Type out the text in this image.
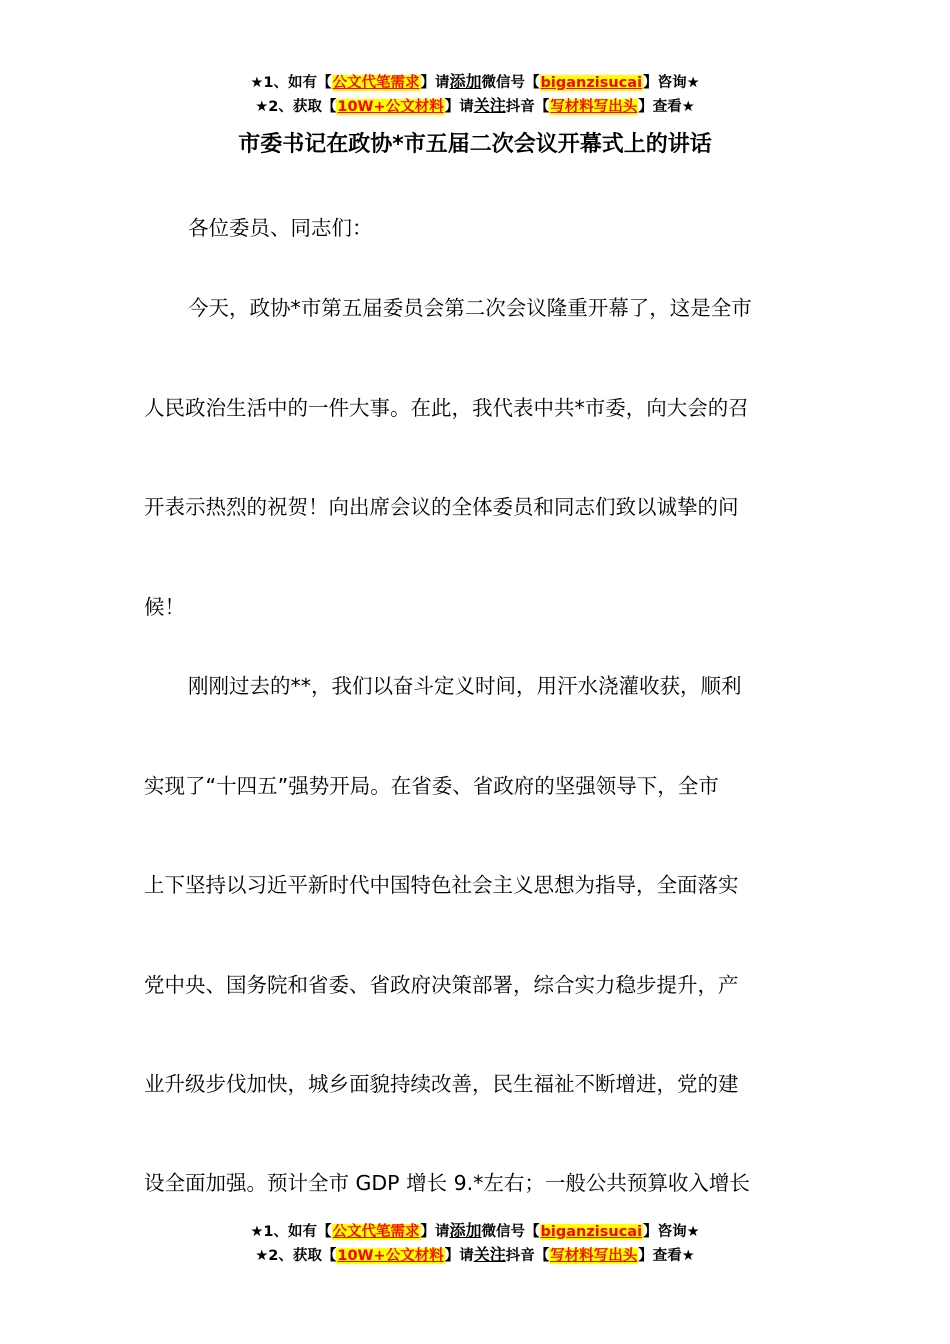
★1、如有【公文代笔需求】请添加微信号【biganzisucai】咨询★
★2、获取【10W+公文材料】请关注抖音【写材料写出头】查看★
市委书记在政协*市五届二次会议开幕式上的讲话
各位委员、同志们：
今天，政协*市第五届委员会第二次会议隆重开幕了，这是全市
人民政治生活中的一件大事。在此，我代表中共*市委，向大会的召
开表示热烈的祝贺！向出席会议的全体委员和同志们致以诚挚的问
候！
刚刚过去的**，我们以奋斗定义时间，用汗水浇灌收获，顺利
实现了“十四五”强势开局。在省委、省政府的坚强领导下，全市
上下坚持以习近平新时代中国特色社会主义思想为指导，全面落实
党中央、国务院和省委、省政府决策部署，综合实力稳步提升，产
业升级步伐加快，城乡面貌持续改善，民生福祉不断增进，党的建
设全面加强。预计全市 GDP 增长 9.*左右；一般公共预算收入增长
★1、如有【公文代笔需求】请添加微信号【biganzisucai】咨询★
★2、获取【10W+公文材料】请关注抖音【写材料写出头】查看★
